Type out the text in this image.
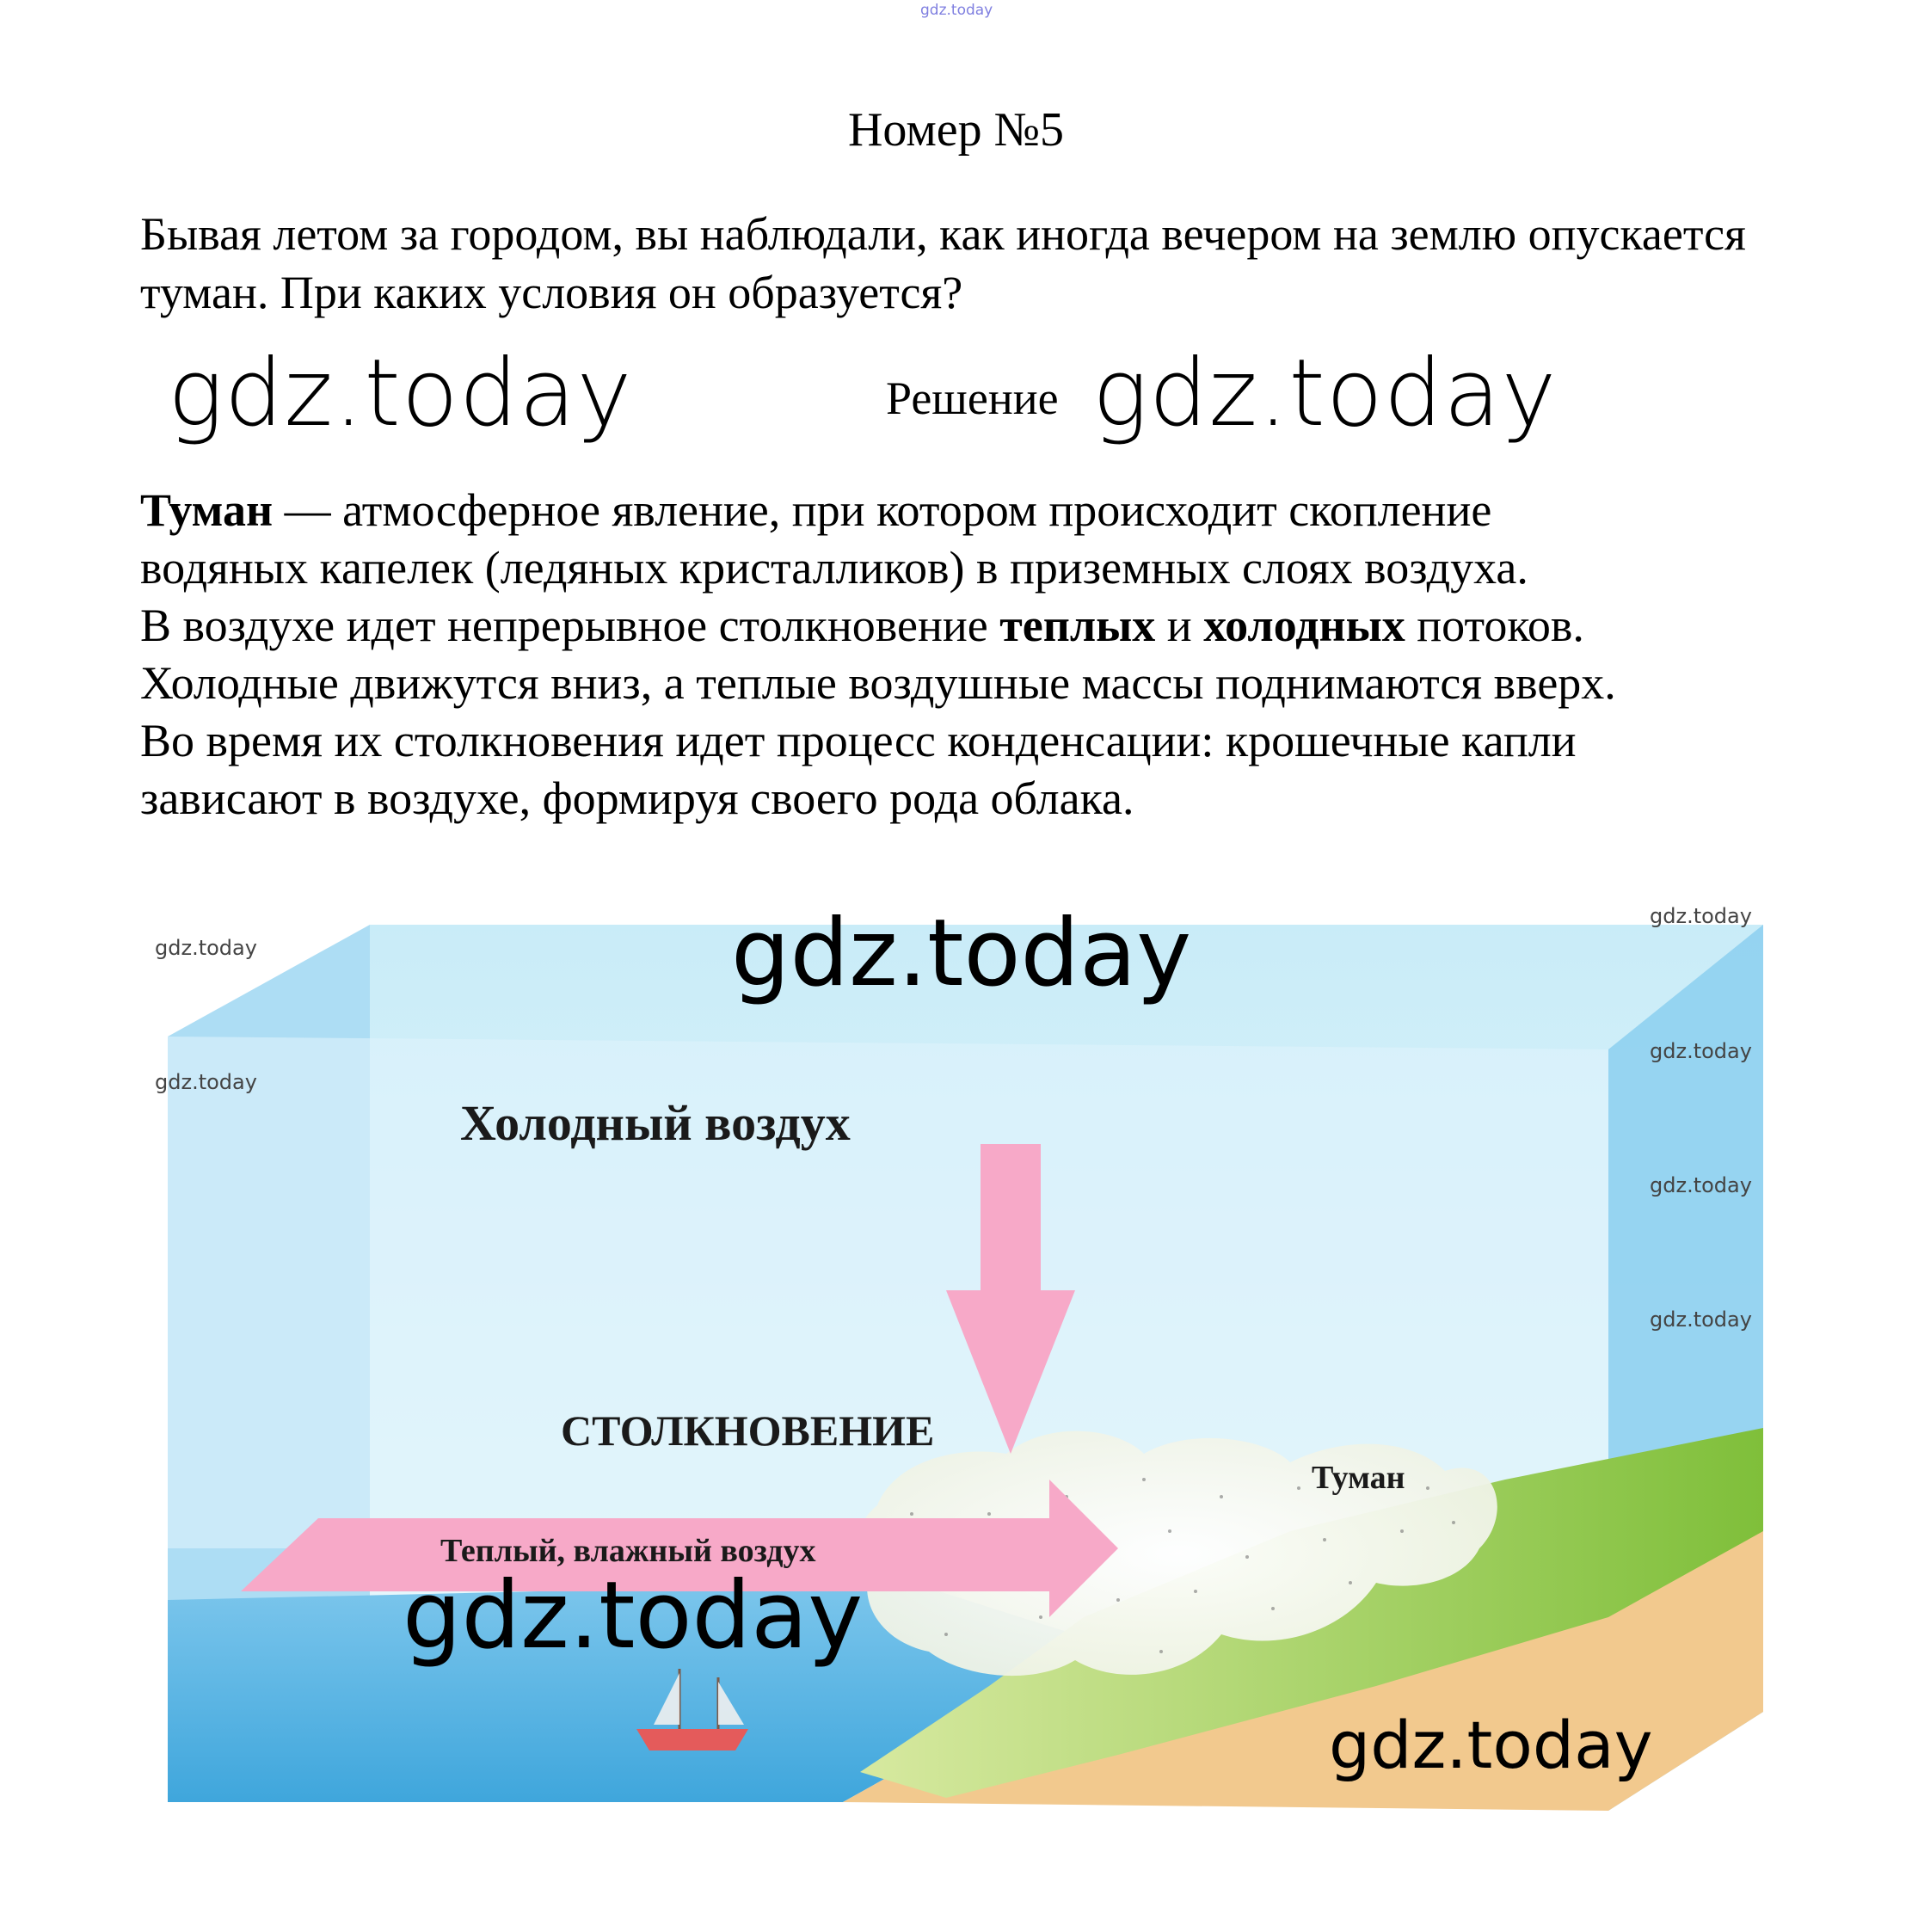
gdz.today
Номер №5
Бывая летом за городом, вы наблюдали, как иногда вечером на землю опускается туман. При каких условия он образуется?
gdz.today	Решение gdz.today

Туман — атмосферное явление, при котором происходит скопление

водяных капелек (ледяных кристалликов) в приземных слоях воздуха.

В воздухе идет непрерывное столкновение теплых и холодных потоков.

Холодные движутся вниз, а теплые воздушные массы поднимаются вверх.

Во время их столкновения идет процесс конденсации: крошечные капли

зависают в воздухе, формируя своего рода облака.

Холодный воздух
СТОЛКНОВЕНИЕ
Туман
Теплый, влажный воздух
gdz.today
gdz.today
gdz.today
gdz.today
gdz.today
gdz.today
gdz.today
gdz.today
gdz.today
